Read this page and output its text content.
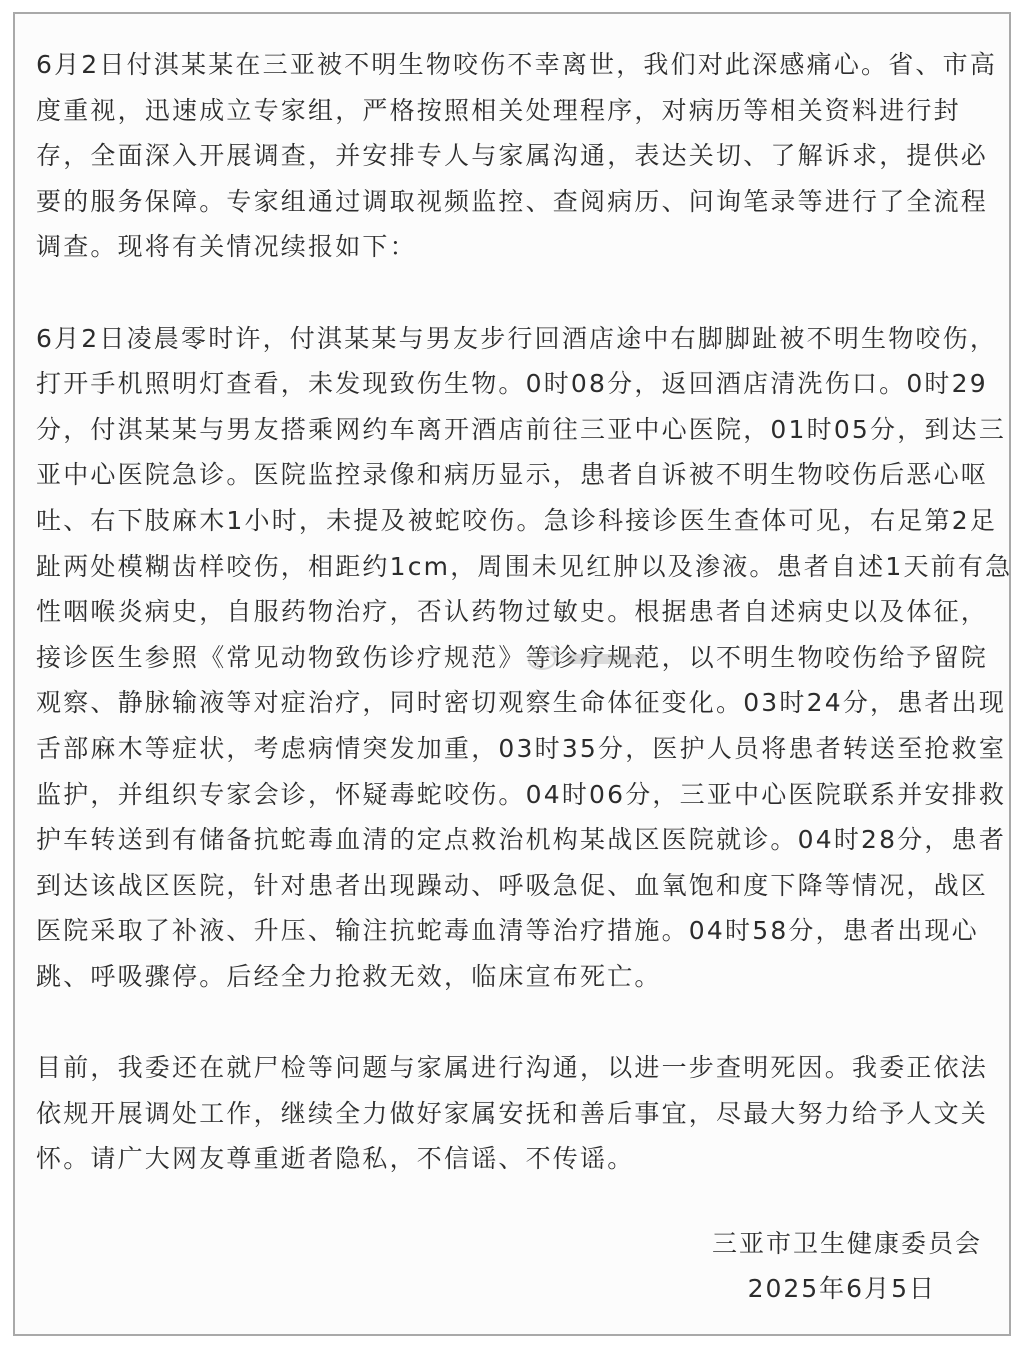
6月2日付淇某某在三亚被不明生物咬伤不幸离世，我们对此深感痛心。省、市高
度重视，迅速成立专家组，严格按照相关处理程序，对病历等相关资料进行封
存，全面深入开展调查，并安排专人与家属沟通，表达关切、了解诉求，提供必
要的服务保障。专家组通过调取视频监控、查阅病历、问询笔录等进行了全流程
调查。现将有关情况续报如下：

6月2日凌晨零时许，付淇某某与男友步行回酒店途中右脚脚趾被不明生物咬伤，
打开手机照明灯查看，未发现致伤生物。0时08分，返回酒店清洗伤口。0时29
分，付淇某某与男友搭乘网约车离开酒店前往三亚中心医院，01时05分，到达三
亚中心医院急诊。医院监控录像和病历显示，患者自诉被不明生物咬伤后恶心呕
吐、右下肢麻木1小时，未提及被蛇咬伤。急诊科接诊医生查体可见，右足第2足
趾两处模糊齿样咬伤，相距约1cm，周围未见红肿以及渗液。患者自述1天前有急
性咽喉炎病史，自服药物治疗，否认药物过敏史。根据患者自述病史以及体征，
接诊医生参照《常见动物致伤诊疗规范》等诊疗规范，以不明生物咬伤给予留院
观察、静脉输液等对症治疗，同时密切观察生命体征变化。03时24分，患者出现
舌部麻木等症状，考虑病情突发加重，03时35分，医护人员将患者转送至抢救室
监护，并组织专家会诊，怀疑毒蛇咬伤。04时06分，三亚中心医院联系并安排救
护车转送到有储备抗蛇毒血清的定点救治机构某战区医院就诊。04时28分，患者
到达该战区医院，针对患者出现躁动、呼吸急促、血氧饱和度下降等情况，战区
医院采取了补液、升压、输注抗蛇毒血清等治疗措施。04时58分，患者出现心
跳、呼吸骤停。后经全力抢救无效，临床宣布死亡。

目前，我委还在就尸检等问题与家属进行沟通，以进一步查明死因。我委正依法
依规开展调处工作，继续全力做好家属安抚和善后事宜，尽最大努力给予人文关
怀。请广大网友尊重逝者隐私，不信谣、不传谣。

三亚市卫生健康委员会
2025年6月5日
